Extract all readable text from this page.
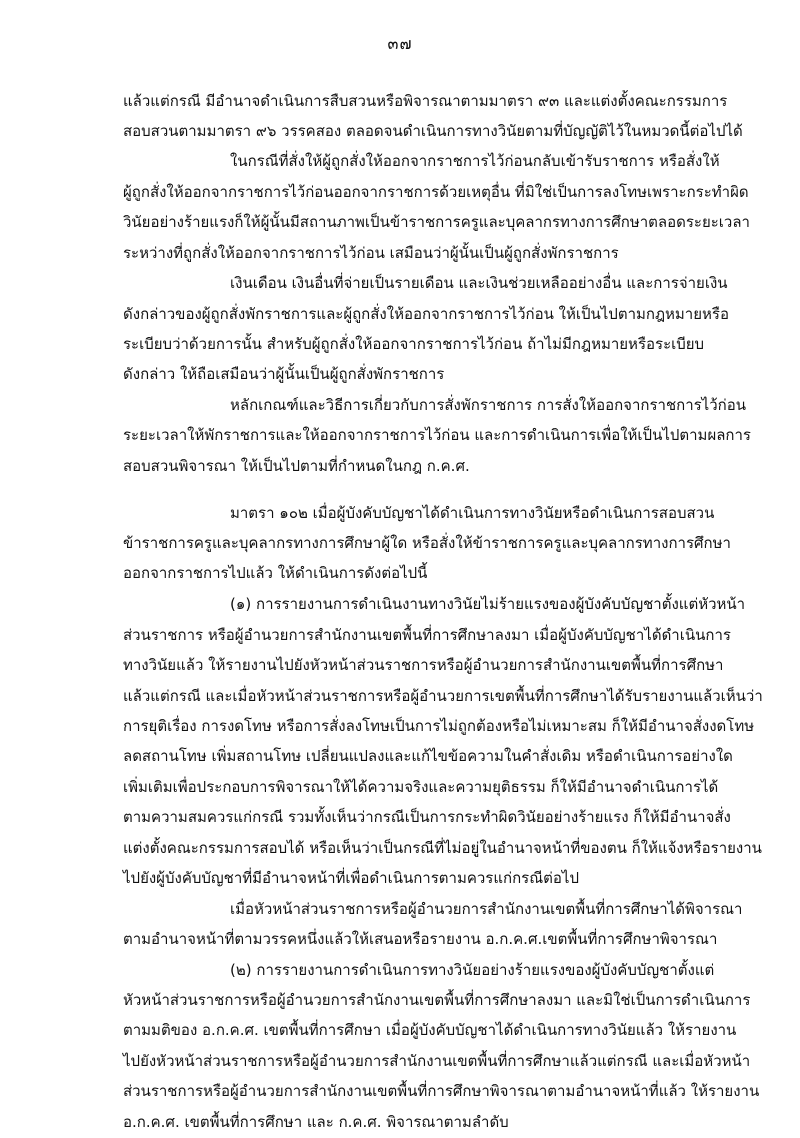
๓๗
แล้วแต่กรณี มีอำนาจดำเนินการสืบสวนหรือพิจารณาตามมาตรา ๙๓ และแต่งตั้งคณะกรรมการ
สอบสวนตามมาตรา ๙๖ วรรคสอง ตลอดจนดำเนินการทางวินัยตามที่บัญญัติไว้ในหมวดนี้ต่อไปได้
ในกรณีที่สั่งให้ผู้ถูกสั่งให้ออกจากราชการไว้ก่อนกลับเข้ารับราชการ หรือสั่งให้
ผู้ถูกสั่งให้ออกจากราชการไว้ก่อนออกจากราชการด้วยเหตุอื่น ที่มิใช่เป็นการลงโทษเพราะกระทำผิด
วินัยอย่างร้ายแรงก็ให้ผู้นั้นมีสถานภาพเป็นข้าราชการครูและบุคลากรทางการศึกษาตลอดระยะเวลา
ระหว่างที่ถูกสั่งให้ออกจากราชการไว้ก่อน เสมือนว่าผู้นั้นเป็นผู้ถูกสั่งพักราชการ
เงินเดือน เงินอื่นที่จ่ายเป็นรายเดือน และเงินช่วยเหลืออย่างอื่น และการจ่ายเงิน
ดังกล่าวของผู้ถูกสั่งพักราชการและผู้ถูกสั่งให้ออกจากราชการไว้ก่อน ให้เป็นไปตามกฎหมายหรือ
ระเบียบว่าด้วยการนั้น สำหรับผู้ถูกสั่งให้ออกจากราชการไว้ก่อน ถ้าไม่มีกฎหมายหรือระเบียบ
ดังกล่าว ให้ถือเสมือนว่าผู้นั้นเป็นผู้ถูกสั่งพักราชการ
หลักเกณฑ์และวิธีการเกี่ยวกับการสั่งพักราชการ การสั่งให้ออกจากราชการไว้ก่อน
ระยะเวลาให้พักราชการและให้ออกจากราชการไว้ก่อน และการดำเนินการเพื่อให้เป็นไปตามผลการ
สอบสวนพิจารณา ให้เป็นไปตามที่กำหนดในกฎ ก.ค.ศ.
มาตรา ๑๐๒ เมื่อผู้บังคับบัญชาได้ดำเนินการทางวินัยหรือดำเนินการสอบสวน
ข้าราชการครูและบุคลากรทางการศึกษาผู้ใด หรือสั่งให้ข้าราชการครูและบุคลากรทางการศึกษา
ออกจากราชการไปแล้ว ให้ดำเนินการดังต่อไปนี้
(๑) การรายงานการดำเนินงานทางวินัยไม่ร้ายแรงของผู้บังคับบัญชาตั้งแต่หัวหน้า
ส่วนราชการ หรือผู้อำนวยการสำนักงานเขตพื้นที่การศึกษาลงมา เมื่อผู้บังคับบัญชาได้ดำเนินการ
ทางวินัยแล้ว ให้รายงานไปยังหัวหน้าส่วนราชการหรือผู้อำนวยการสำนักงานเขตพื้นที่การศึกษา
แล้วแต่กรณี และเมื่อหัวหน้าส่วนราชการหรือผู้อำนวยการเขตพื้นที่การศึกษาได้รับรายงานแล้วเห็นว่า
การยุติเรื่อง การงดโทษ หรือการสั่งลงโทษเป็นการไม่ถูกต้องหรือไม่เหมาะสม ก็ให้มีอำนาจสั่งงดโทษ
ลดสถานโทษ เพิ่มสถานโทษ เปลี่ยนแปลงและแก้ไขข้อความในคำสั่งเดิม หรือดำเนินการอย่างใด
เพิ่มเติมเพื่อประกอบการพิจารณาให้ได้ความจริงและความยุติธรรม ก็ให้มีอำนาจดำเนินการได้
ตามความสมควรแก่กรณี รวมทั้งเห็นว่ากรณีเป็นการกระทำผิดวินัยอย่างร้ายแรง ก็ให้มีอำนาจสั่ง
แต่งตั้งคณะกรรมการสอบได้ หรือเห็นว่าเป็นกรณีที่ไม่อยู่ในอำนาจหน้าที่ของตน ก็ให้แจ้งหรือรายงาน
ไปยังผู้บังคับบัญชาที่มีอำนาจหน้าที่เพื่อดำเนินการตามควรแก่กรณีต่อไป
เมื่อหัวหน้าส่วนราชการหรือผู้อำนวยการสำนักงานเขตพื้นที่การศึกษาได้พิจารณา
ตามอำนาจหน้าที่ตามวรรคหนึ่งแล้วให้เสนอหรือรายงาน อ.ก.ค.ศ.เขตพื้นที่การศึกษาพิจารณา
(๒) การรายงานการดำเนินการทางวินัยอย่างร้ายแรงของผู้บังคับบัญชาตั้งแต่
หัวหน้าส่วนราชการหรือผู้อำนวยการสำนักงานเขตพื้นที่การศึกษาลงมา และมิใช่เป็นการดำเนินการ
ตามมติของ อ.ก.ค.ศ. เขตพื้นที่การศึกษา เมื่อผู้บังคับบัญชาได้ดำเนินการทางวินัยแล้ว ให้รายงาน
ไปยังหัวหน้าส่วนราชการหรือผู้อำนวยการสำนักงานเขตพื้นที่การศึกษาแล้วแต่กรณี และเมื่อหัวหน้า
ส่วนราชการหรือผู้อำนวยการสำนักงานเขตพื้นที่การศึกษาพิจารณาตามอำนาจหน้าที่แล้ว ให้รายงาน
อ.ก.ค.ศ. เขตพื้นที่การศึกษา และ ก.ค.ศ. พิจารณาตามลำดับ
